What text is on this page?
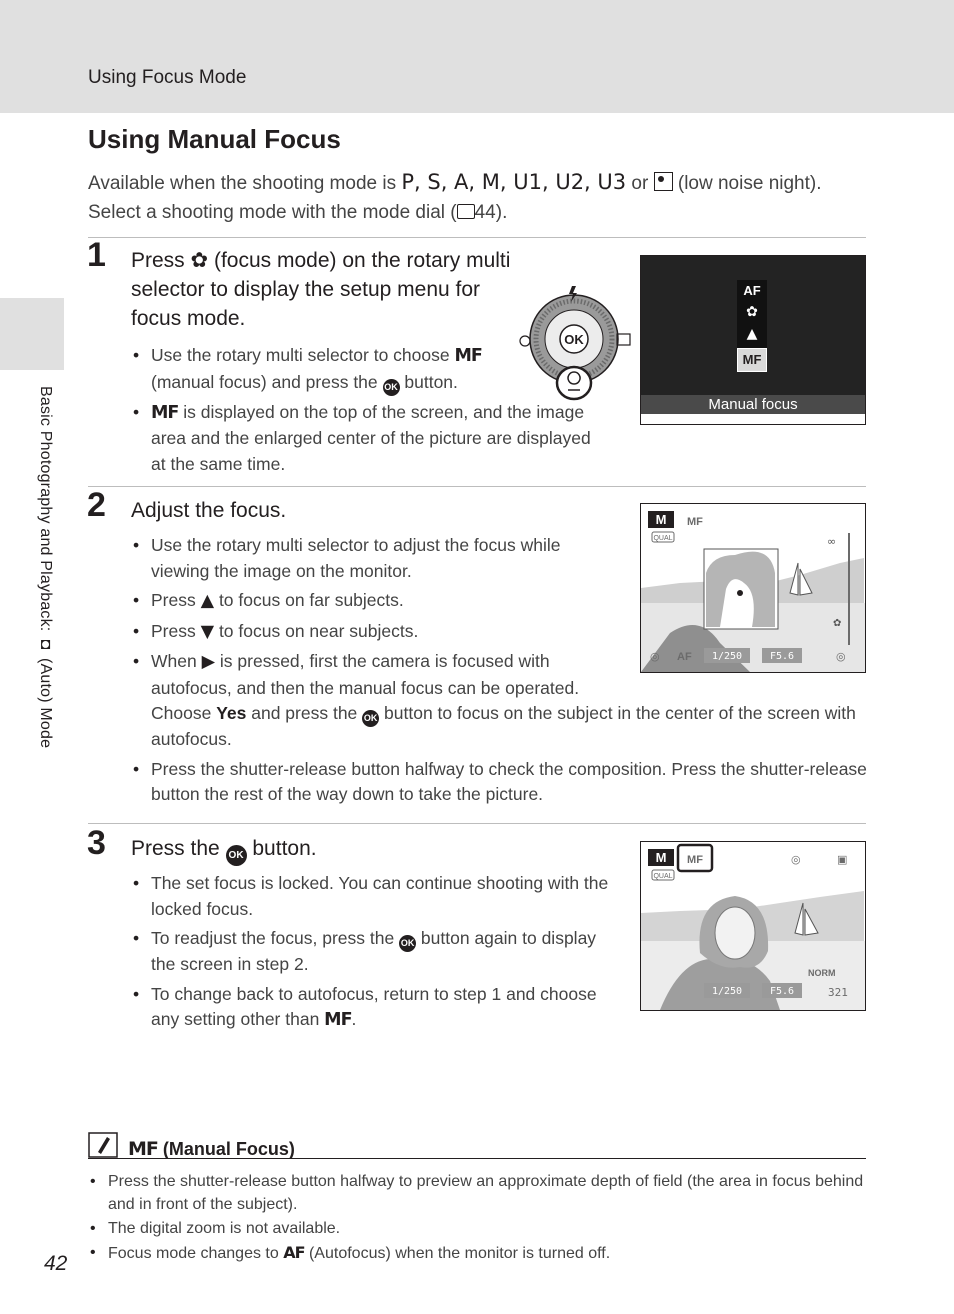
Using Focus Mode
Basic Photography and Playback: ◘ (Auto) Mode
Using Manual Focus
Available when the shooting mode is P, S, A, M, U1, U2, U3 or
(low noise night). Select a shooting mode with the mode dial ( 44).
1 Press ✿ (focus mode) on the rotary multi selector to display the setup menu for focus mode.
• Use the rotary multi selector to choose MF (manual focus) and press the OK button.
• MF is displayed on the top of the screen, and the image area and the enlarged center of the picture are displayed at the same time.
OK
AF
✿
▲
MF
Manual focus
2 Adjust the focus.
• Use the rotary multi selector to adjust the focus while viewing the image on the monitor.
• Press ▲ to focus on far subjects.
• Press ▼ to focus on near subjects.
• When ▶ is pressed, first the camera is focused with autofocus, and then the manual focus can be operated.
Choose Yes and press the OK button to focus on the subject in the center of the screen with autofocus.
• Press the shutter-release button halfway to check the composition. Press the shutter-release button the rest of the way down to take the picture.
M MF
QUAL	∞
✿
◎ AF 1/250	F5.6	◎
3 Press the OK button.
• The set focus is locked. You can continue shooting with the locked focus.
• To readjust the focus, press the OK button again to display the screen in step 2.
• To change back to autofocus, return to step 1 and choose any setting other than MF.
M MF
QUAL
◎	▣
NORM
1/250	F5.6	321
MF (Manual Focus)
• Press the shutter-release button halfway to preview an approximate depth of field (the area in focus behind and in front of the subject).
• The digital zoom is not available.
• Focus mode changes to AF (Autofocus) when the monitor is turned off.
42
